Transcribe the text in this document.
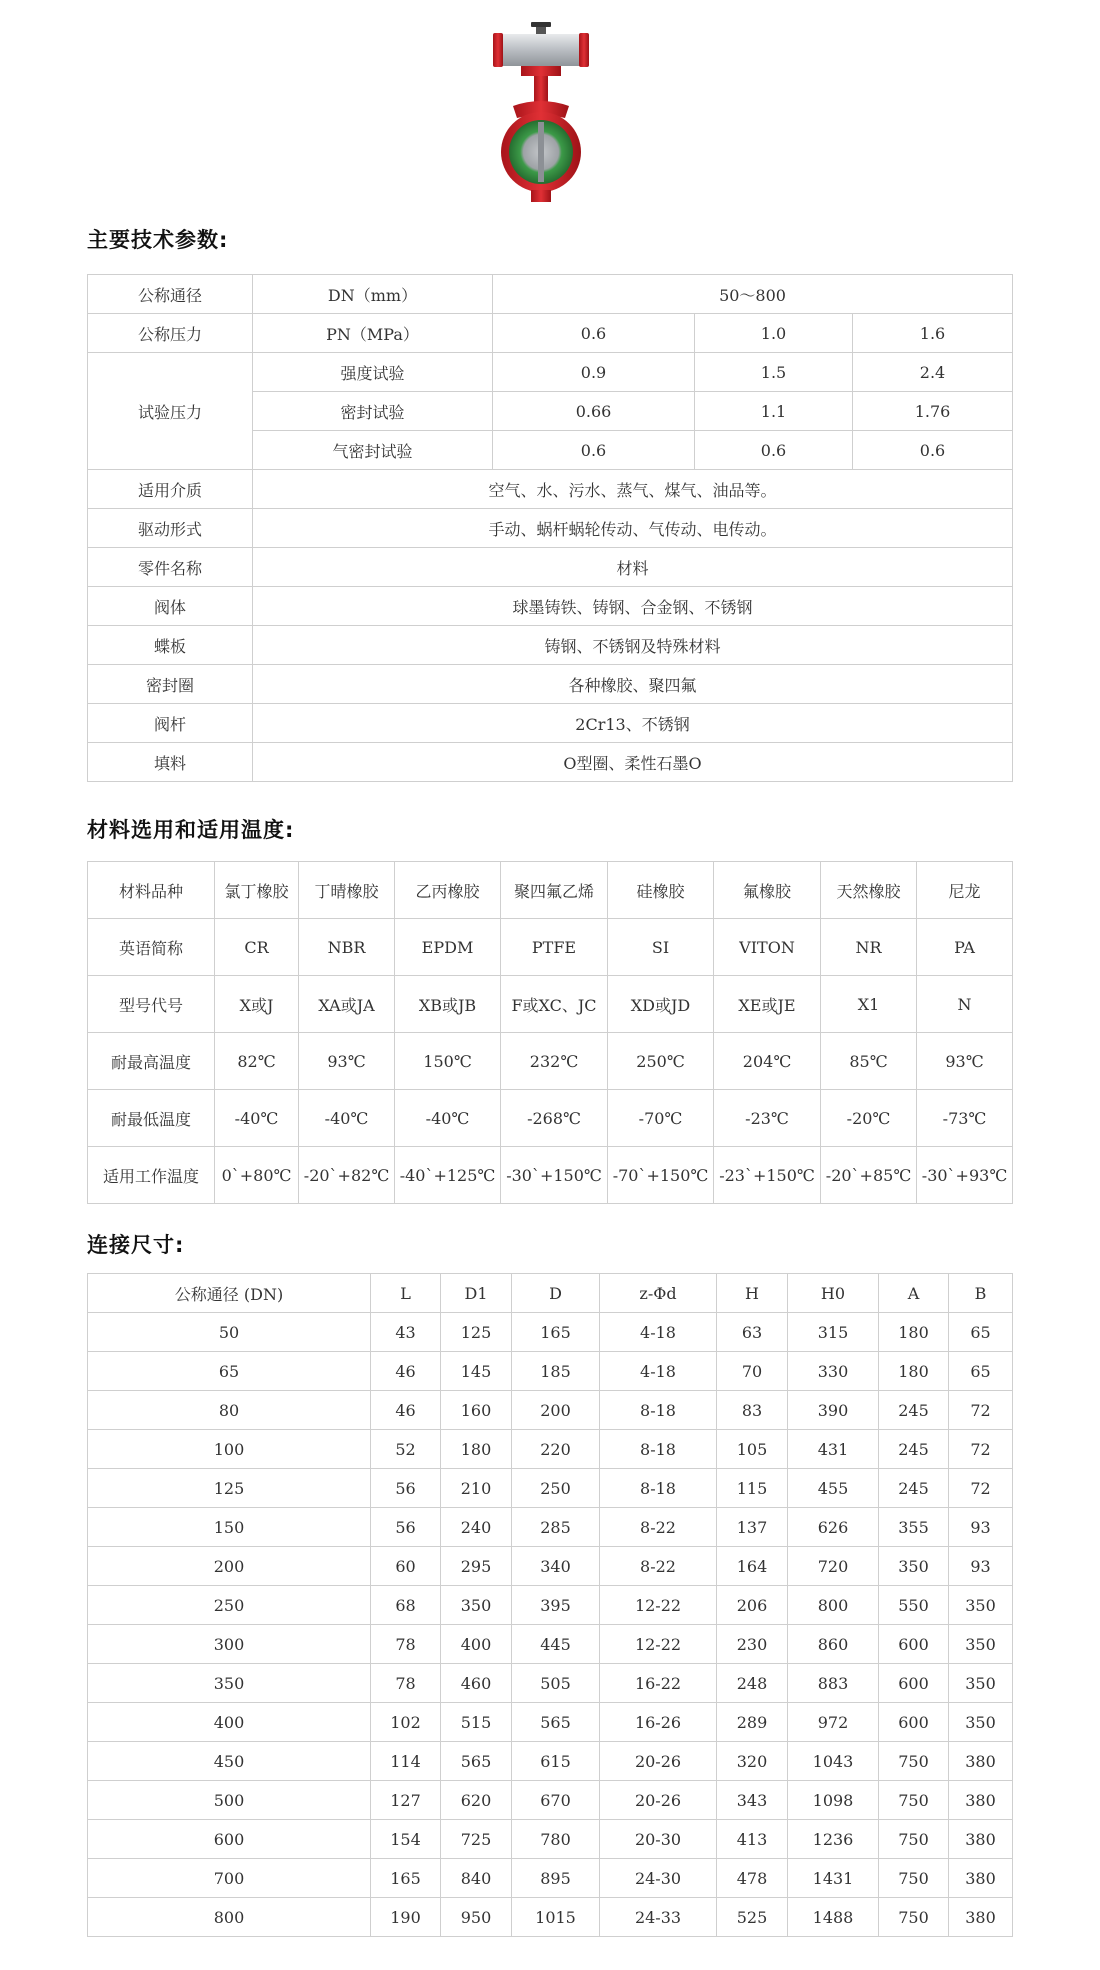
主要技术参数:
公称通径	DN（mm）	50～800		
公称压力	PN（MPa）	0.6	1.0	1.6
试验压力	强度试验	0.9	1.5	2.4
	密封试验	0.66	1.1	1.76
	气密封试验	0.6	0.6	0.6
适用介质	空气、水、污水、蒸气、煤气、油品等。			
驱动形式	手动、蜗杆蜗轮传动、气传动、电传动。			
零件名称	材料			
阀体	球墨铸铁、铸钢、合金钢、不锈钢			
蝶板	铸钢、不锈钢及特殊材料			
密封圈	各种橡胶、聚四氟			
阀杆	2Cr13、不锈钢			
填料	O型圈、柔性石墨O			
材料选用和适用温度:
材料品种	氯丁橡胶	丁晴橡胶	乙丙橡胶	聚四氟乙烯	硅橡胶	氟橡胶	天然橡胶	尼龙
英语简称	CR	NBR	EPDM	PTFE	SI	VITON	NR	PA
型号代号	X或J	XA或JA	XB或JB	F或XC、JC	XD或JD	XE或JE	X1	N
耐最高温度	82℃	93℃	150℃	232℃	250℃	204℃	85℃	93℃
耐最低温度	-40℃	-40℃	-40℃	-268℃	-70℃	-23℃	-20℃	-73℃
适用工作温度	0`+80℃	-20`+82℃	-40`+125℃	-30`+150℃	-70`+150℃	-23`+150℃	-20`+85℃	-30`+93℃
连接尺寸:
公称通径 (DN)	L	D1	D	z-Φd	H	H0	A	B
50	43	125	165	4-18	63	315	180	65
65	46	145	185	4-18	70	330	180	65
80	46	160	200	8-18	83	390	245	72
100	52	180	220	8-18	105	431	245	72
125	56	210	250	8-18	115	455	245	72
150	56	240	285	8-22	137	626	355	93
200	60	295	340	8-22	164	720	350	93
250	68	350	395	12-22	206	800	550	350
300	78	400	445	12-22	230	860	600	350
350	78	460	505	16-22	248	883	600	350
400	102	515	565	16-26	289	972	600	350
450	114	565	615	20-26	320	1043	750	380
500	127	620	670	20-26	343	1098	750	380
600	154	725	780	20-30	413	1236	750	380
700	165	840	895	24-30	478	1431	750	380
800	190	950	1015	24-33	525	1488	750	380
